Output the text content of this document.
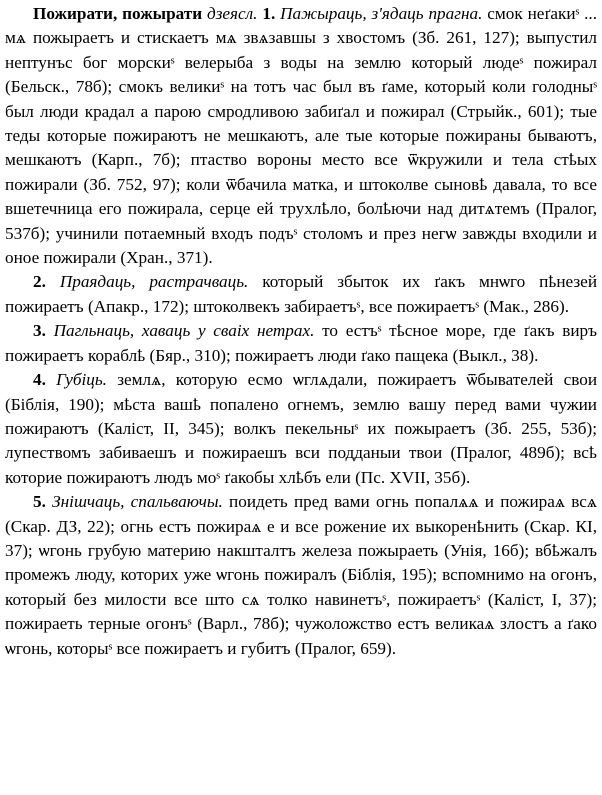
Пожирати, пожырати дзеясл. 1. Пажыраць, з'ядаць прагна. смок неґакиˢ ... мѧ пожыраетъ и стискаетъ мѧ звѧзавшы з хвостомъ (Зб. 261, 127); выпустил нептунъс бог морскиˢ велерыба з воды на землю который людеˢ пожирал (Бельск., 78б); смокъ великиˢ на тотъ час был въ ґаме, который коли голодныˢ был люди крадал а парою смродливою забиґал и пожирал (Стрыйк., 601); тые теды которые пожираютъ не мешкаютъ, але тые которые пожираны бываютъ, мешкаютъ (Карп., 7б); птаство вороны место все ѿкружили и тела стҍых пожирали (Зб. 752, 97); коли ѿбачила матка, и штоколве сыновҍ давала, то все вшетечница его пожирала, серце ей трухлҍло, болҍючи над дитѧтемъ (Пралог, 537б); учинили потаемный входъ подъˢ столомъ и през негѡ завжды входили и оное пожирали (Хран., 371).

2. Праядаць, растрачваць. который збыток их ґакъ мнѡго пҍнезей пожираетъ (Апакр., 172); штоколвекъ забираетъˢ, все пожираетъˢ (Мак., 286).

3. Пагльнаць, хаваць у сваіх нетрах. то естъˢ тҍсное море, где ґакъ виръ пожираетъ кораблҍ (Бяр., 310); пожираетъ люди ґако пащека (Выкл., 38).

4. Губіць. землѧ, которую есмо ѡглѧдали, пожираетъ ѿбывателей свои (Біблія, 190); мҍста вашҍ попалено огнемъ, землю вашу перед вами чужии пожираютъ (Каліст, II, 345); волкъ пекельныˢ их пожыраетъ (Зб. 255, 53б); лупествомъ забиваешъ и пожираешъ вси подданыи твои (Пралог, 489б); всҍ которие пожираютъ людъ моˢ ґакобы хлҍбъ ели (Пс. XVII, 35б).

5. Знішчаць, спальваючы. поидеть пред вами огнь попалѧѧ и пожираѧ всѧ (Скар. ДЗ, 22); огнь естъ пожираѧ е и все рожение их выкоренҍнить (Скар. КІ, 37); ѡгонь грубую материю накшталтъ железа пожыраеть (Унія, 16б); вбҍжалъ промежъ люду, которих уже ѡгонь пожиралъ (Біблія, 195); вспомнимо на огонъ, который без милости все што сѧ толко навинетъˢ, пожираетъˢ (Каліст, І, 37); пожираеть терные огонъˢ (Варл., 78б); чужоложство естъ великаѧ злостъ а ґако ѡгонь, которыˢ все пожираетъ и губитъ (Пралог, 659).
